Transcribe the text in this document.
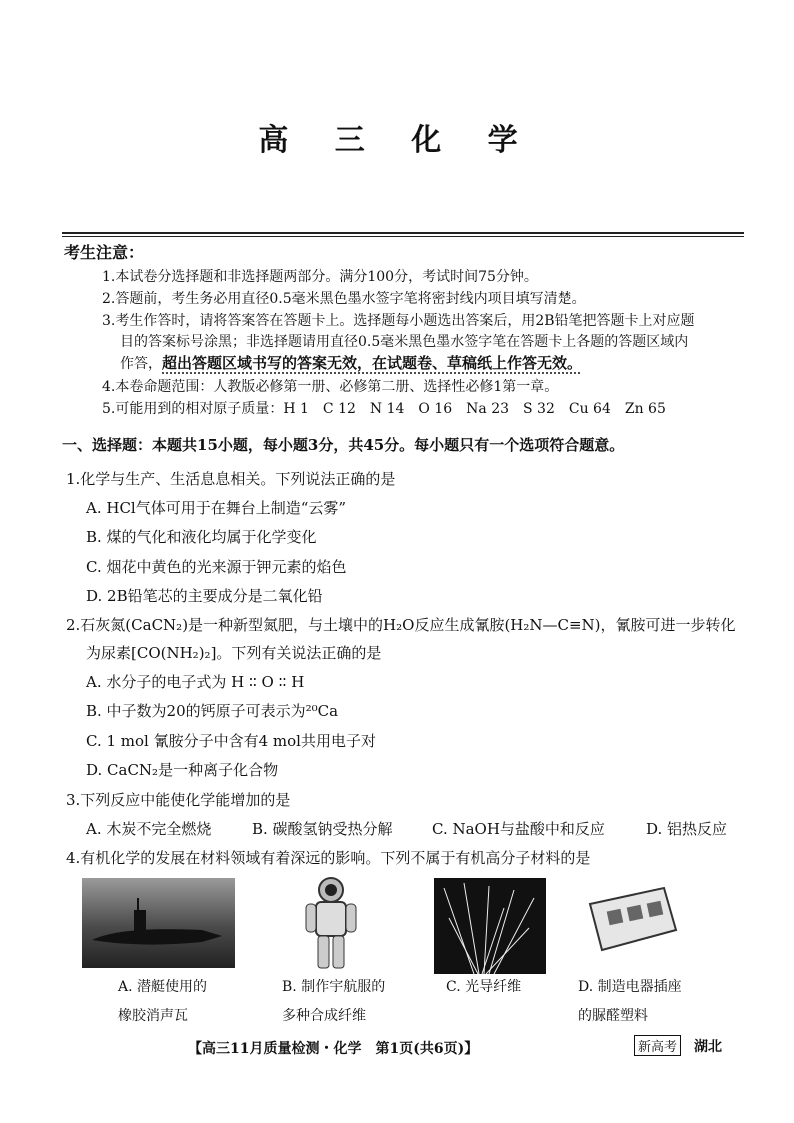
高 三 化 学
考生注意：
1.本试卷分选择题和非选择题两部分。满分100分，考试时间75分钟。
2.答题前，考生务必用直径0.5毫米黑色墨水签字笔将密封线内项目填写清楚。
3.考生作答时，请将答案答在答题卡上。选择题每小题选出答案后，用2B铅笔把答题卡上对应题
目的答案标号涂黑；非选择题请用直径0.5毫米黑色墨水签字笔在答题卡上各题的答题区域内
作答，超出答题区域书写的答案无效，在试题卷、草稿纸上作答无效。
4.本卷命题范围：人教版必修第一册、必修第二册、选择性必修1第一章。
5.可能用到的相对原子质量：H 1　C 12　N 14　O 16　Na 23　S 32　Cu 64　Zn 65
一、选择题：本题共15小题，每小题3分，共45分。每小题只有一个选项符合题意。
1.化学与生产、生活息息相关。下列说法正确的是
A. HCl气体可用于在舞台上制造“云雾”
B. 煤的气化和液化均属于化学变化
C. 烟花中黄色的光来源于钾元素的焰色
D. 2B铅笔芯的主要成分是二氧化铅
2.石灰氮(CaCN₂)是一种新型氮肥，与土壤中的H₂O反应生成氰胺(H₂N—C≡N)，氰胺可进一步转化
为尿素[CO(NH₂)₂]。下列有关说法正确的是
A. 水分子的电子式为 H ∶∶ O ∶∶ H
B. 中子数为20的钙原子可表示为²⁰Ca
C. 1 mol 氰胺分子中含有4 mol共用电子对
D. CaCN₂是一种离子化合物
3.下列反应中能使化学能增加的是
A. 木炭不完全燃烧	B. 碳酸氢钠受热分解	C. NaOH与盐酸中和反应	D. 铝热反应
4.有机化学的发展在材料领域有着深远的影响。下列不属于有机高分子材料的是
A. 潜艇使用的
橡胶消声瓦
B. 制作宇航服的
多种合成纤维
C. 光导纤维	D. 制造电器插座
的脲醛塑料
【高三11月质量检测・化学　第1页(共6页)】	新高考 湖北
